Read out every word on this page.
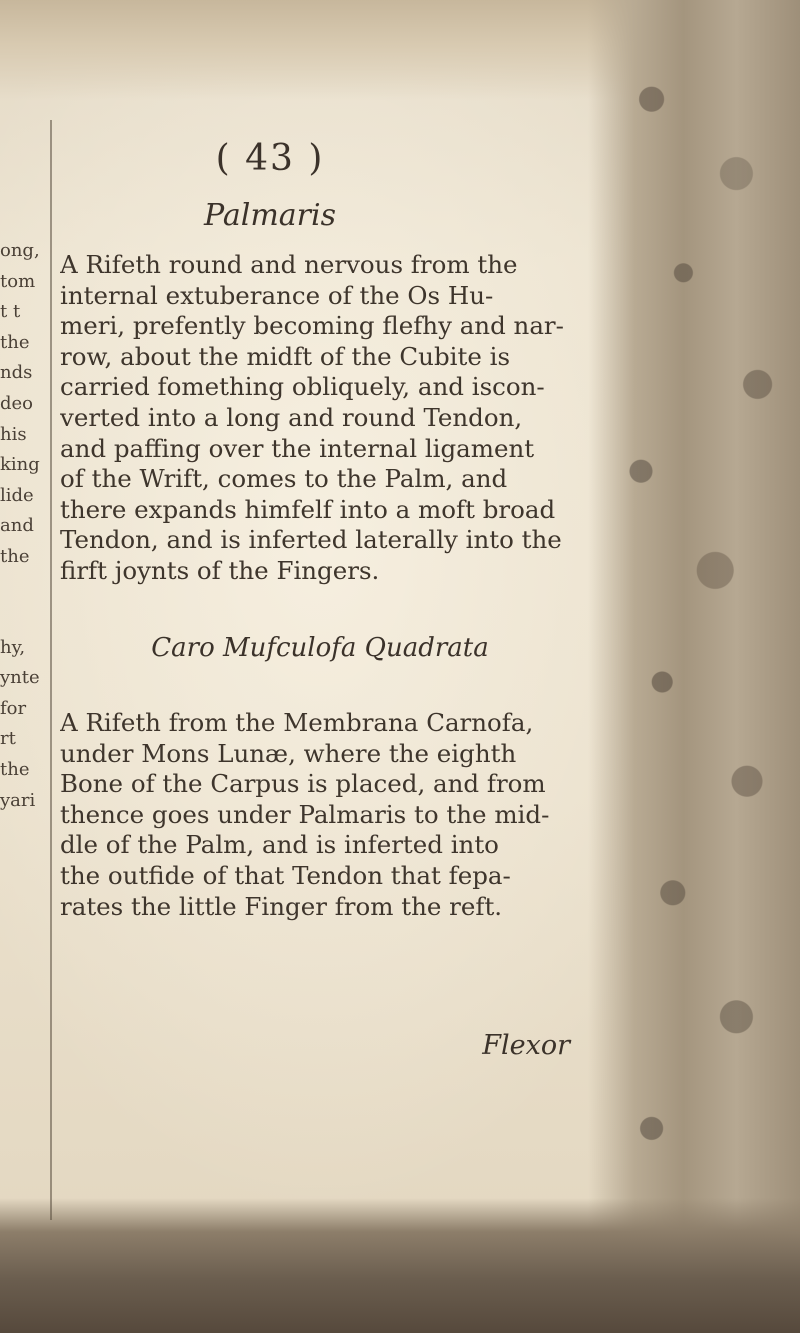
ong,
tom
t t
the
nds
deo
his
king
lide
and
the
hy,
ynte
for
rt
the
yari
( 43 )
Palmaris
A Rifeth round and nervous from the
internal extuberance of the Os Hu-
meri, prefently becoming flefhy and nar-
row, about the midft of the Cubite is
carried fomething obliquely, and iscon-
verted into a long and round Tendon,
and paffing over the internal ligament
of the Wrift, comes to the Palm, and
there expands himfelf into a moft broad
Tendon, and is inferted laterally into the
firft joynts of the Fingers.
Caro Mufculofa Quadrata
A Rifeth from the Membrana Carnofa,
under Mons Lunæ, where the eighth
Bone of the Carpus is placed, and from
thence goes under Palmaris to the mid-
dle of the Palm, and is inferted into
the outfide of that Tendon that fepa-
rates the little Finger from the reft.
Flexor
